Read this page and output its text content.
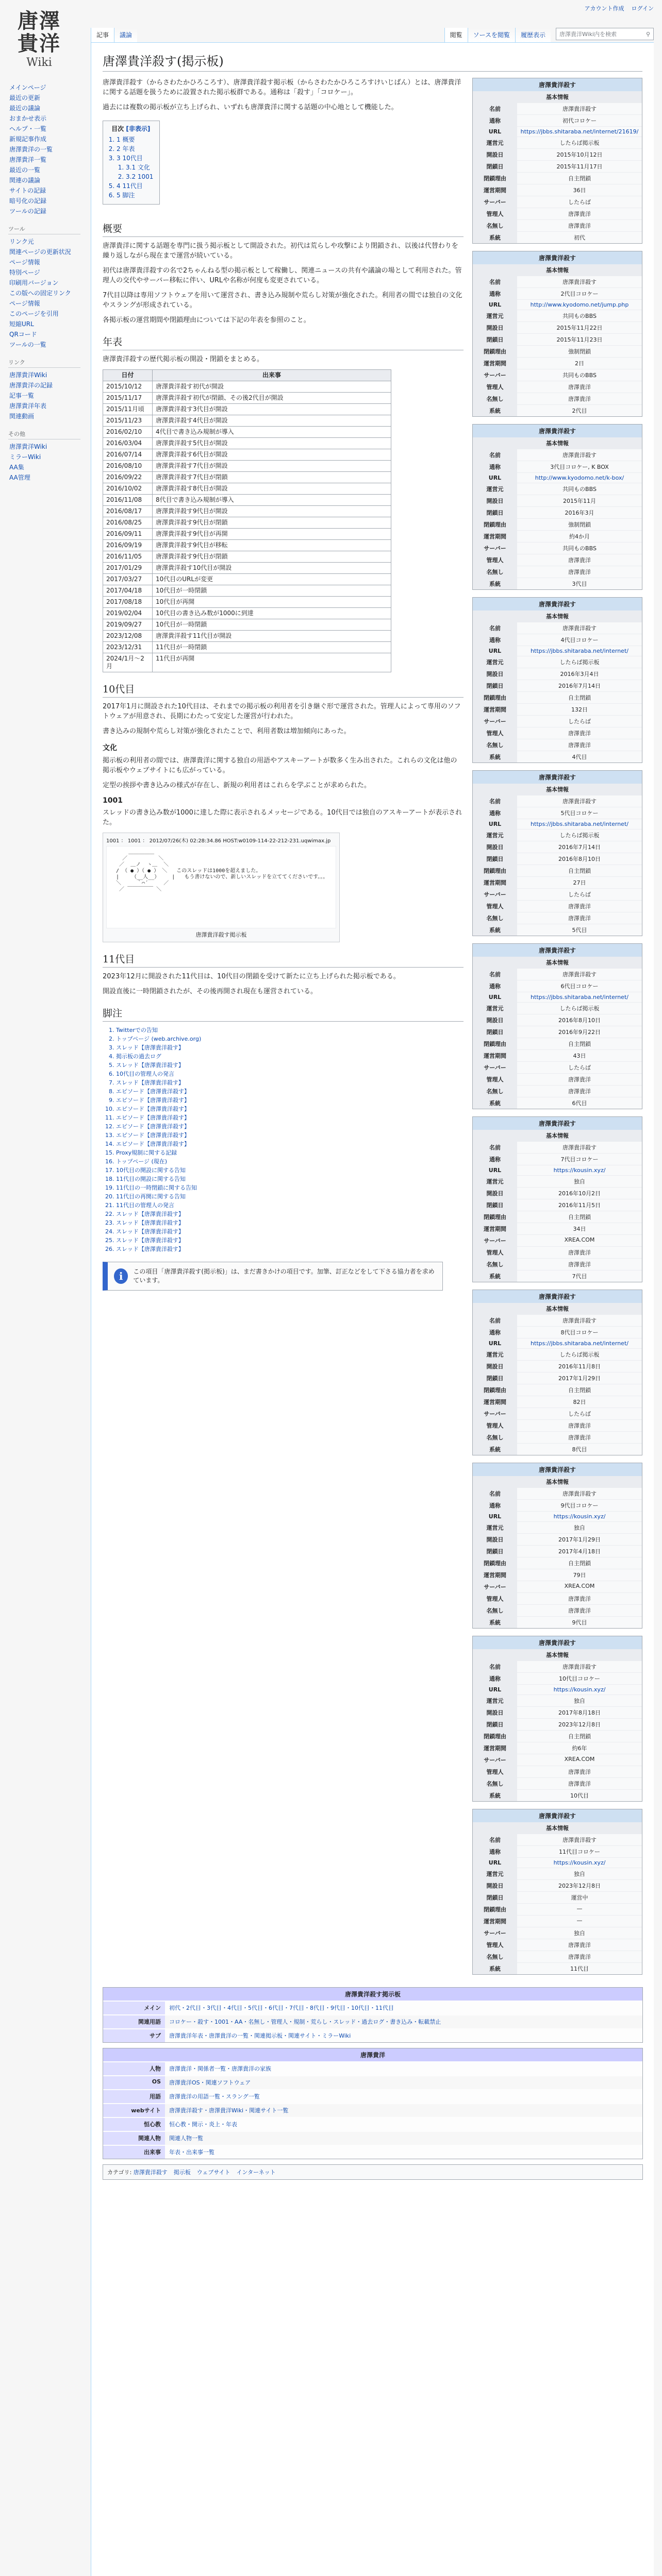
アカウント作成 ログイン
唐澤
貴洋
Wiki
メインページ
最近の更新
最近の議論
おまかせ表示
ヘルプ・一覧
新規記事作成
唐澤貴洋の一覧
唐澤貴洋一覧
最近の一覧
関連の議論
サイトの記録
暗号化の記録
ツールの記録
ツール
リンク元
関連ページの更新状況
ページ情報
特別ページ
印刷用バージョン
この版への固定リンク
ページ情報
このページを引用
短縮URL
QRコード
ツールの一覧
リンク
唐澤貴洋Wiki
唐澤貴洋の記録
記事一覧
唐澤貴洋年表
関連動画
その他
唐澤貴洋Wiki
ミラーWiki
AA集
AA管理
記事	議論	閲覧	ソースを閲覧	履歴表示	唐澤貴洋Wiki内を検索	⚲
唐澤貴洋殺す(掲示板)
唐澤貴洋殺す
基本情報
名前	唐澤貴洋殺す
通称	初代コロケー
URL	https://jbbs.shitaraba.net/internet/21619/
運営元	したらば掲示板
開設日	2015年10月12日
閉鎖日	2015年11月17日
閉鎖理由	自主閉鎖
運営期間	36日
サーバー	したらば
管理人	唐澤貴洋
名無し	唐澤貴洋
系統	初代
唐澤貴洋殺す
基本情報
名前	唐澤貴洋殺す
通称	2代目コロケー
URL	http://www.kyodomo.net/jump.php
運営元	共同ものBBS
開設日	2015年11月22日
閉鎖日	2015年11月23日
閉鎖理由	強制閉鎖
運営期間	2日
サーバー	共同ものBBS
管理人	唐澤貴洋
名無し	唐澤貴洋
系統	2代目
唐澤貴洋殺す
基本情報
名前	唐澤貴洋殺す
通称	3代目コロケー, K BOX
URL	http://www.kyodomo.net/k-box/
運営元	共同ものBBS
開設日	2015年11月
閉鎖日	2016年3月
閉鎖理由	強制閉鎖
運営期間	約4か月
サーバー	共同ものBBS
管理人	唐澤貴洋
名無し	唐澤貴洋
系統	3代目
唐澤貴洋殺す
基本情報
名前	唐澤貴洋殺す
通称	4代目コロケー
URL	https://jbbs.shitaraba.net/internet/
運営元	したらば掲示板
開設日	2016年3月4日
閉鎖日	2016年7月14日
閉鎖理由	自主閉鎖
運営期間	132日
サーバー	したらば
管理人	唐澤貴洋
名無し	唐澤貴洋
系統	4代目
唐澤貴洋殺す
基本情報
名前	唐澤貴洋殺す
通称	5代目コロケー
URL	https://jbbs.shitaraba.net/internet/
運営元	したらば掲示板
開設日	2016年7月14日
閉鎖日	2016年8月10日
閉鎖理由	自主閉鎖
運営期間	27日
サーバー	したらば
管理人	唐澤貴洋
名無し	唐澤貴洋
系統	5代目
唐澤貴洋殺す
基本情報
名前	唐澤貴洋殺す
通称	6代目コロケー
URL	https://jbbs.shitaraba.net/internet/
運営元	したらば掲示板
開設日	2016年8月10日
閉鎖日	2016年9月22日
閉鎖理由	自主閉鎖
運営期間	43日
サーバー	したらば
管理人	唐澤貴洋
名無し	唐澤貴洋
系統	6代目
唐澤貴洋殺す
基本情報
名前	唐澤貴洋殺す
通称	7代目コロケー
URL	https://kousin.xyz/
運営元	独自
開設日	2016年10月2日
閉鎖日	2016年11月5日
閉鎖理由	自主閉鎖
運営期間	34日
サーバー	XREA.COM
管理人	唐澤貴洋
名無し	唐澤貴洋
系統	7代目
唐澤貴洋殺す
基本情報
名前	唐澤貴洋殺す
通称	8代目コロケー
URL	https://jbbs.shitaraba.net/internet/
運営元	したらば掲示板
開設日	2016年11月8日
閉鎖日	2017年1月29日
閉鎖理由	自主閉鎖
運営期間	82日
サーバー	したらば
管理人	唐澤貴洋
名無し	唐澤貴洋
系統	8代目
唐澤貴洋殺す
基本情報
名前	唐澤貴洋殺す
通称	9代目コロケー
URL	https://kousin.xyz/
運営元	独自
開設日	2017年1月29日
閉鎖日	2017年4月18日
閉鎖理由	自主閉鎖
運営期間	79日
サーバー	XREA.COM
管理人	唐澤貴洋
名無し	唐澤貴洋
系統	9代目
唐澤貴洋殺す
基本情報
名前	唐澤貴洋殺す
通称	10代目コロケー
URL	https://kousin.xyz/
運営元	独自
開設日	2017年8月18日
閉鎖日	2023年12月8日
閉鎖理由	自主閉鎖
運営期間	約6年
サーバー	XREA.COM
管理人	唐澤貴洋
名無し	唐澤貴洋
系統	10代目
唐澤貴洋殺す
基本情報
名前	唐澤貴洋殺す
通称	11代目コロケー
URL	https://kousin.xyz/
運営元	独自
開設日	2023年12月8日
閉鎖日	運営中
閉鎖理由	—
運営期間	—
サーバー	独自
管理人	唐澤貴洋
名無し	唐澤貴洋
系統	11代目

唐澤貴洋殺す（からさわたかひろころす）、唐澤貴洋殺す掲示板（からさわたかひろころすけいじばん）とは、唐澤貴洋に関する話題を扱うために設置された掲示板群である。通称は「殺す」「コロケー」。

過去には複数の掲示板が立ち上げられ、いずれも唐澤貴洋に関する話題の中心地として機能した。

目次 [非表示]
1. 1 概要
2. 2 年表
3. 3 10代目
1. 3.1 文化
2. 3.2 1001
5. 4 11代目
6. 5 脚注
概要

唐澤貴洋に関する話題を専門に扱う掲示板として開設された。初代は荒らしや攻撃により閉鎖され、以後は代替わりを繰り返しながら現在まで運営が続いている。

初代は唐澤貴洋殺すの名で2ちゃんねる型の掲示板として稼働し、関連ニュースの共有や議論の場として利用された。管理人の交代やサーバー移転に伴い、URLや名称が何度も変更されている。

7代目以降は専用ソフトウェアを用いて運営され、書き込み規制や荒らし対策が強化された。利用者の間では独自の文化やスラングが形成されている。

各掲示板の運営期間や閉鎖理由については下記の年表を参照のこと。

年表

唐澤貴洋殺すの歴代掲示板の開設・閉鎖をまとめる。

日付	出来事
2015/10/12	唐澤貴洋殺す初代が開設
2015/11/17	唐澤貴洋殺す初代が閉鎖、その後2代目が開設
2015/11月頃	唐澤貴洋殺す3代目が開設
2015/11/23	唐澤貴洋殺す4代目が開設
2016/02/10	4代目で書き込み規制が導入
2016/03/04	唐澤貴洋殺す5代目が開設
2016/07/14	唐澤貴洋殺す6代目が開設
2016/08/10	唐澤貴洋殺す7代目が開設
2016/09/22	唐澤貴洋殺す7代目が閉鎖
2016/10/02	唐澤貴洋殺す8代目が開設
2016/11/08	8代目で書き込み規制が導入
2016/08/17	唐澤貴洋殺す9代目が開設
2016/08/25	唐澤貴洋殺す9代目が閉鎖
2016/09/11	唐澤貴洋殺す9代目が再開
2016/09/19	唐澤貴洋殺す9代目が移転
2016/11/05	唐澤貴洋殺す9代目が閉鎖
2017/01/29	唐澤貴洋殺す10代目が開設
2017/03/27	10代目のURLが変更
2017/04/18	10代目が一時閉鎖
2017/08/18	10代目が再開
2019/02/04	10代目の書き込み数が1000に到達
2019/09/27	10代目が一時閉鎖
2023/12/08	唐澤貴洋殺す11代目が開設
2023/12/31	11代目が一時閉鎖
2024/1月〜2月	11代目が再開
10代目

2017年1月に開設された10代目は、それまでの掲示板の利用者を引き継ぐ形で運営された。管理人によって専用のソフトウェアが用意され、長期にわたって安定した運営が行われた。

書き込みの規制や荒らし対策が強化されたことで、利用者数は増加傾向にあった。

文化

掲示板の利用者の間では、唐澤貴洋に関する独自の用語やアスキーアートが数多く生み出された。これらの文化は他の掲示板やウェブサイトにも広がっている。

定型の挨拶や書き込みの様式が存在し、新規の利用者はこれらを学ぶことが求められた。

1001

スレッドの書き込み数が1000に達した際に表示されるメッセージである。10代目では独自のアスキーアートが表示された。

1001 ： 1001 ： 2012/07/26(木) 02:28:34.86 HOST:w0109-114-22-212-231.uqwimax.jp
＿＿＿＿＿
／          ＼
／  ＿ノ  ヽ＿  ＼
/ （ ● ）（ ● ） ＼   このスレッドは1000を超えました。
|    （__人__）    |   もう書けないので、新しいスレッドを立ててくださいです。。。
＼     ｀⌒´     ／
／ ￣￣￣￣￣ ＼

唐澤貴洋殺す掲示板
11代目

2023年12月に開設された11代目は、10代目の閉鎖を受けて新たに立ち上げられた掲示板である。

開設直後に一時閉鎖されたが、その後再開され現在も運営されている。

脚注
1. Twitterでの告知
2. トップページ (web.archive.org)
3. スレッド【唐澤貴洋殺す】
4. 掲示板の過去ログ
5. スレッド【唐澤貴洋殺す】
6. 10代目の管理人の発言
7. スレッド【唐澤貴洋殺す】
8. エピソード【唐澤貴洋殺す】
9. エピソード【唐澤貴洋殺す】
10. エピソード【唐澤貴洋殺す】
11. エピソード【唐澤貴洋殺す】
12. エピソード【唐澤貴洋殺す】
13. エピソード【唐澤貴洋殺す】
14. エピソード【唐澤貴洋殺す】
15. Proxy規制に関する記録
16. トップページ (現在)
17. 10代目の開設に関する告知
18. 11代目の開設に関する告知
19. 11代目の一時閉鎖に関する告知
20. 11代目の再開に関する告知
21. 11代目の管理人の発言
22. スレッド【唐澤貴洋殺す】
23. スレッド【唐澤貴洋殺す】
24. スレッド【唐澤貴洋殺す】
25. スレッド【唐澤貴洋殺す】
26. スレッド【唐澤貴洋殺す】
i	この項目「唐澤貴洋殺す(掲示板)」は、まだ書きかけの項目です。加筆、訂正などをして下さる協力者を求めています。
唐澤貴洋殺す掲示板
メイン	初代・2代目・3代目・4代目・5代目・6代目・7代目・8代目・9代目・10代目・11代目
関連用語	コロケー・殺す・1001・AA・名無し・管理人・規制・荒らし・スレッド・過去ログ・書き込み・転載禁止
サブ	唐澤貴洋年表・唐澤貴洋の一覧・関連掲示板・関連サイト・ミラーWiki
唐澤貴洋
人物	唐澤貴洋・関係者一覧・唐澤貴洋の家族
OS	唐澤貴洋OS・関連ソフトウェア
用語	唐澤貴洋の用語一覧・スラング一覧
webサイト	唐澤貴洋殺す・唐澤貴洋Wiki・関連サイト一覧
恒心教	恒心教・開示・炎上・年表
関連人物	関連人物一覧
出来事	年表・出来事一覧
カテゴリ: 唐澤貴洋殺す 掲示板 ウェブサイト インターネット
